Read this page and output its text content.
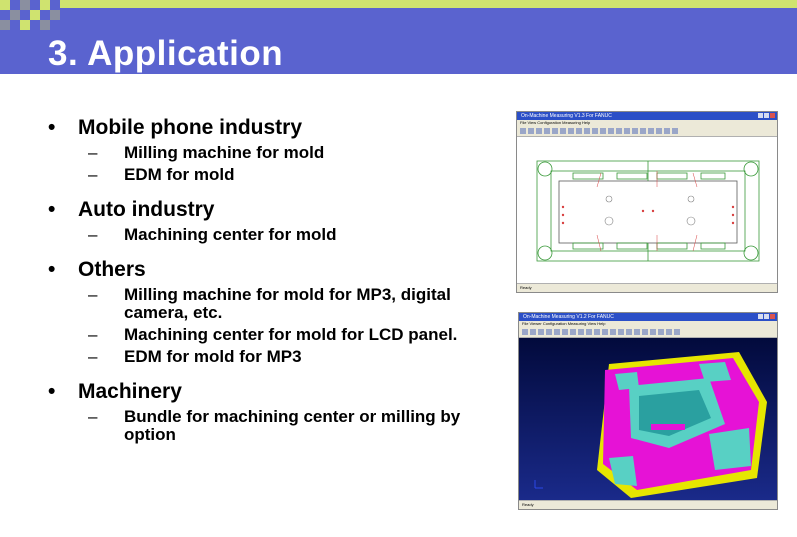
3. Application
•	Mobile phone industry
–	Milling machine for mold
–	EDM for mold
•	Auto industry
–	Machining center for mold
•	Others
–	Milling machine for mold for MP3, digital camera, etc.
–	Machining center for mold for LCD panel.
–	EDM for mold for MP3
•	Machinery
–	Bundle for machining center or milling by option
On-Machine Measuring V1.3 For FANUC
File View Configuration Measuring Help
Ready
On-Machine Measuring V1.2 For FANUC
File Viewer Configuration Measuring View Help
Ready
